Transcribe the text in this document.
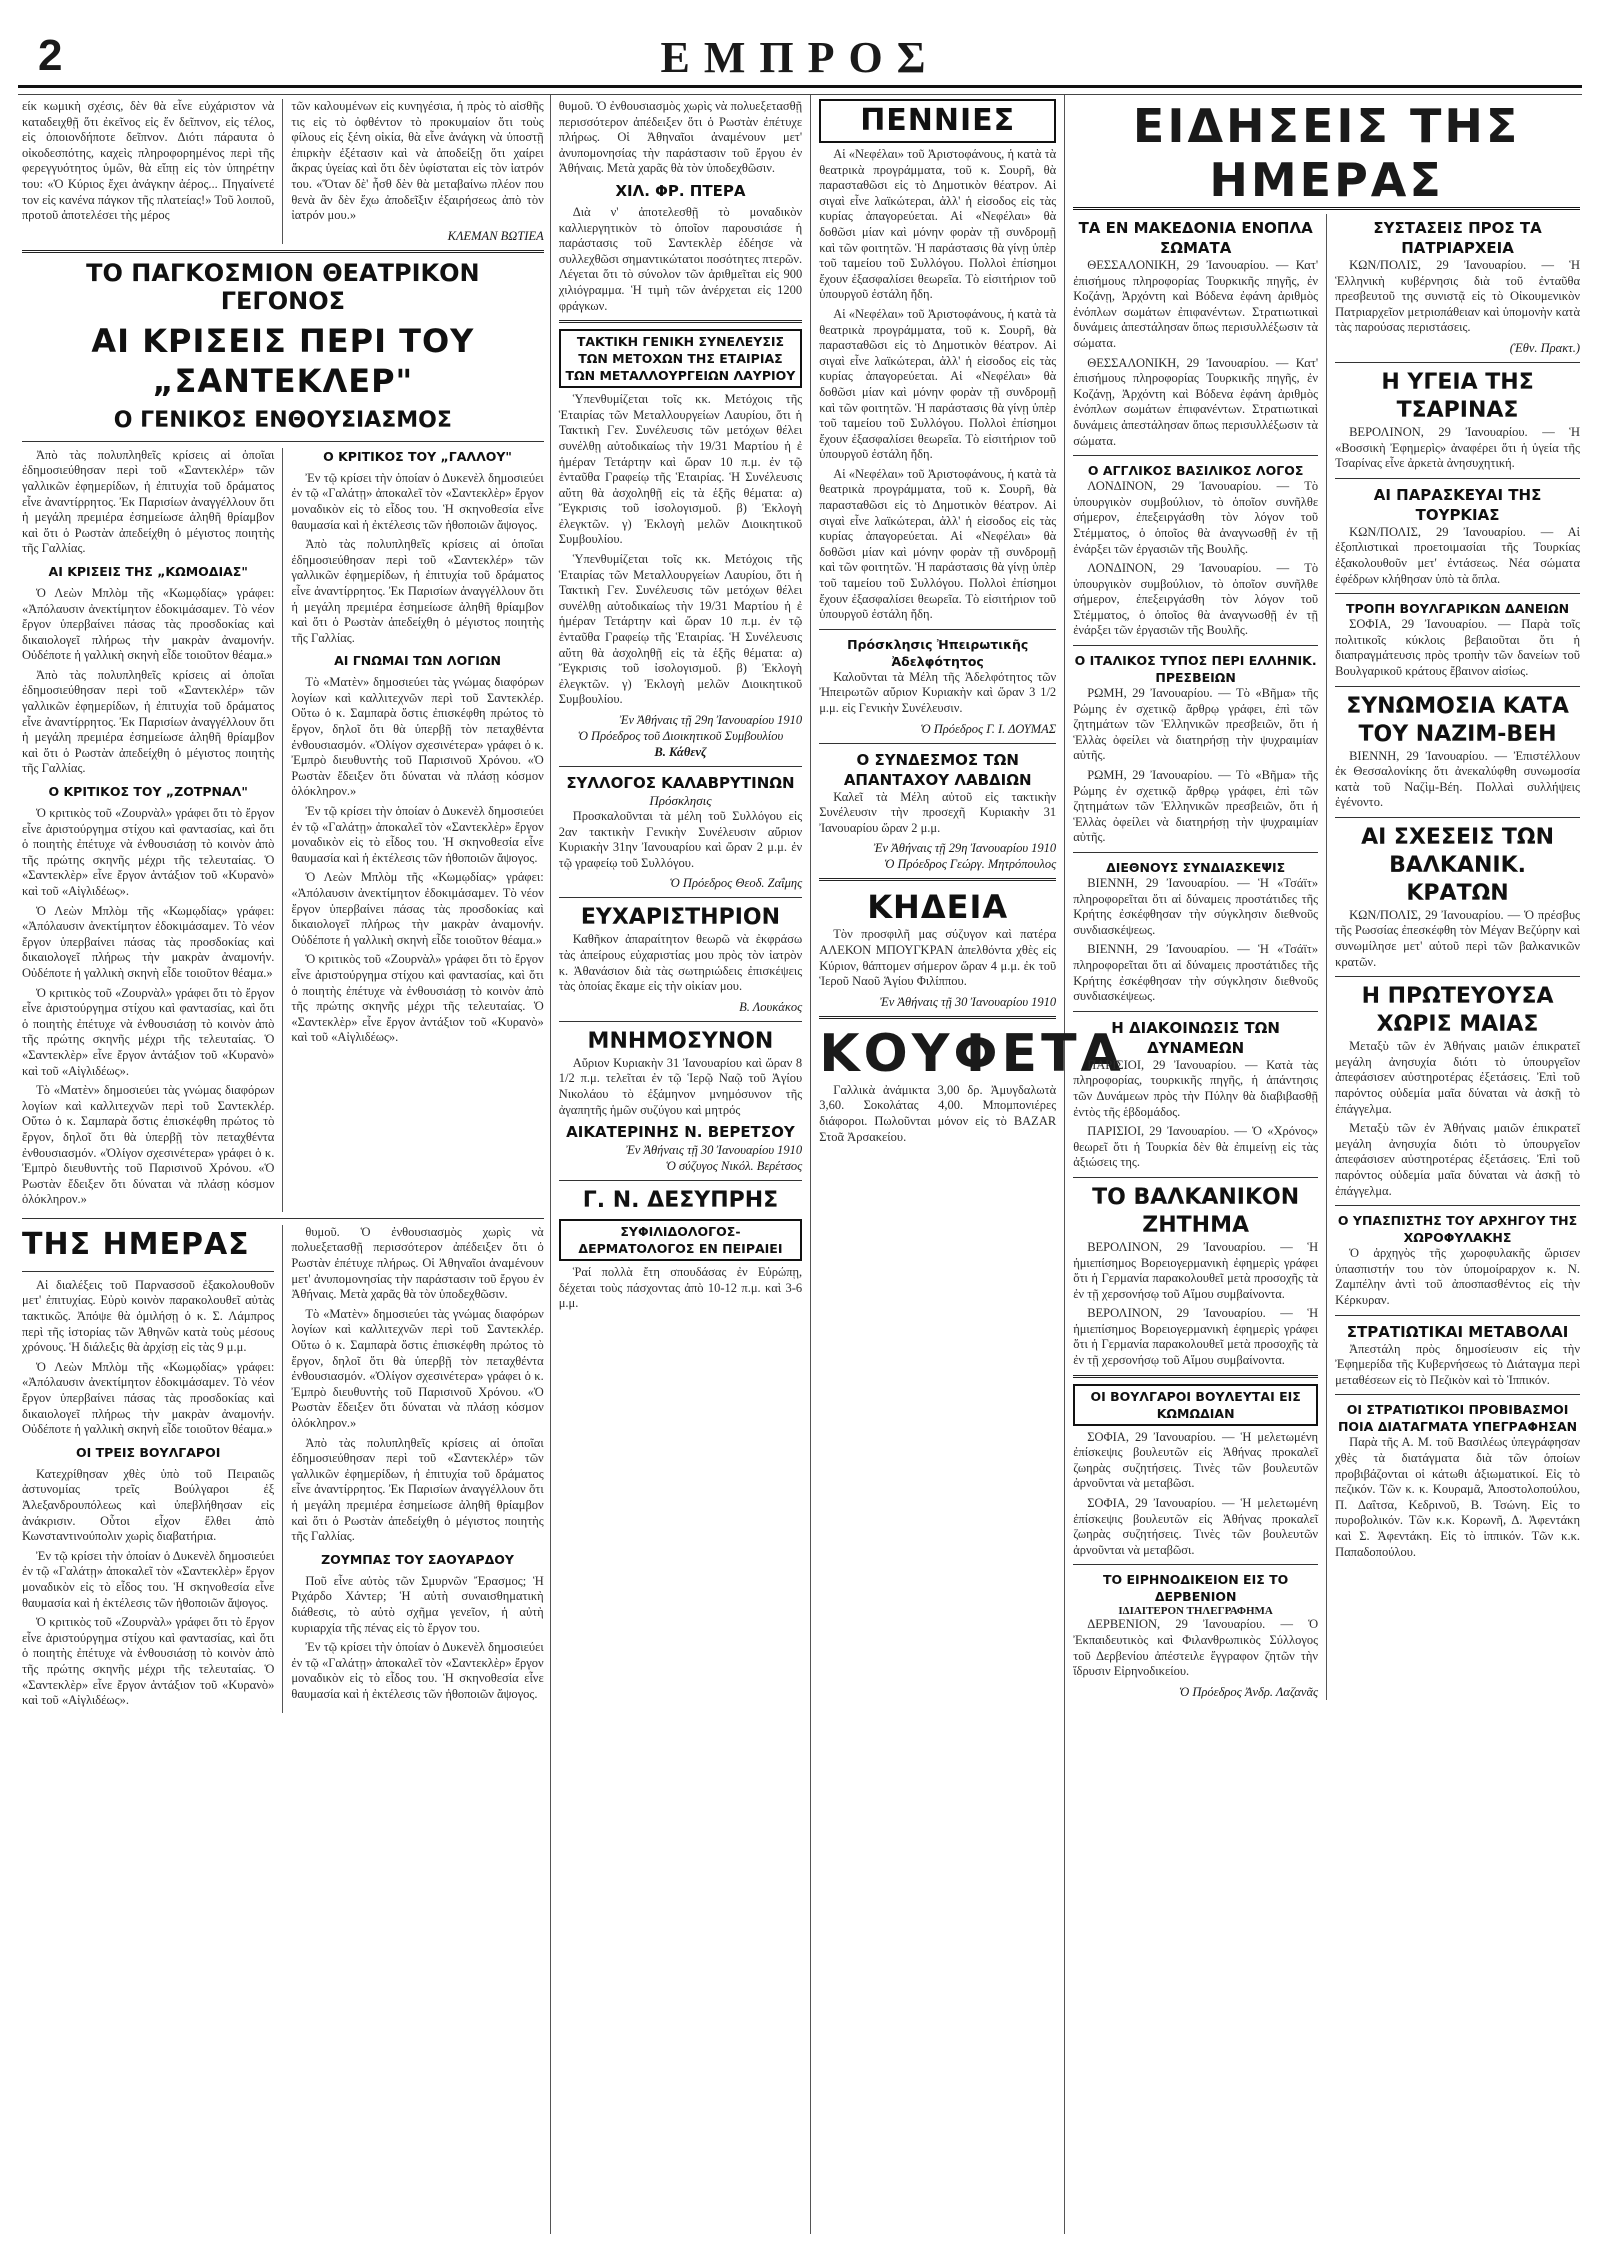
2	ΕΜΠΡΟΣ

είκ κωμικὴ σχέσις, δὲν θὰ εἶνε εὐχάριστον νὰ καταδειχθῇ ὅτι ἐκεῖνος εἰς ἕν δεῖπνον, εἰς τέλος, εἰς ὁποιονδήποτε δεῖπνον. Διότι πάραυτα ὁ οἰκοδεσπότης, καχεὶς πληροφορημένος περὶ τῆς φερεγγυότητος ὑμῶν, θὰ εἴπῃ εἰς τὸν ὑπηρέτην του: «Ὁ Κύριος ἔχει ἀνάγκην ἀέρος... Πηγαίνετέ τον εἰς κανένα πάγκον τῆς πλατείας!» Τοῦ λοιποῦ, προτοῦ ἀποτελέσει τὴς μέρος

τῶν καλουμένων εἰς κυνηγέσια, ἡ πρὸς τὸ αἰσθῆς τις εἰς τὸ ὀφθέντον τὸ προκυμαίον ὅτι τοὺς φίλους εἰς ξένη οἰκία, θὰ εἶνε ἀνάγκη νὰ ὑποστῇ ἐπιρκὴν ἐξέτασιν καὶ νὰ ἀποδείξῃ ὅτι χαίρει ἄκρας ὑγείας καὶ ὅτι δὲν ὑφίσταται εἰς τὸν ἰατρόν του. «Ὅταν δὲ' ἦσθ δὲν θὰ μεταβαίνω πλέον που θενὰ ἂν δὲν ἔχω ἀποδεῖξιν ἐξαιρήσεως ἀπὸ τὸν ἰατρόν μου.»

ΚΛΕΜΑΝ ΒΩΤΙΕΑ
ΤΟ ΠΑΓΚΟΣΜΙΟΝ ΘΕΑΤΡΙΚΟΝ ΓΕΓΟΝΟΣ
ΑΙ ΚΡΙΣΕΙΣ ΠΕΡΙ ΤΟΥ „ΣΑΝΤΕΚΛΕΡ"
Ο ΓΕΝΙΚΟΣ ΕΝΘΟΥΣΙΑΣΜΟΣ

Ἀπὸ τὰς πολυπληθεῖς κρίσεις αἱ ὁποῖαι ἐδημοσιεύθησαν περὶ τοῦ «Σαντεκλέρ» τῶν γαλλικῶν ἐφημερίδων, ἡ ἐπιτυχία τοῦ δράματος εἶνε ἀναντίρρητος. Ἐκ Παρισίων ἀναγγέλλουν ὅτι ἡ μεγάλη πρεμιέρα ἐσημείωσε ἀληθῆ θρίαμβον καὶ ὅτι ὁ Ρωστὰν ἀπεδείχθη ὁ μέγιστος ποιητὴς τῆς Γαλλίας.

ΑΙ ΚΡΙΣΕΙΣ ΤΗΣ „ΚΩΜΟΔΙΑΣ"

Ὁ Λεὼν Μπλὸμ τῆς «Κωμῳδίας» γράφει: «Ἀπόλαυσιν ἀνεκτίμητον ἐδοκιμάσαμεν. Τὸ νέον ἔργον ὑπερβαίνει πάσας τὰς προσδοκίας καὶ δικαιολογεῖ πλήρως τὴν μακρὰν ἀναμονήν. Οὐδέποτε ἡ γαλλικὴ σκηνὴ εἶδε τοιοῦτον θέαμα.»

Ἀπὸ τὰς πολυπληθεῖς κρίσεις αἱ ὁποῖαι ἐδημοσιεύθησαν περὶ τοῦ «Σαντεκλέρ» τῶν γαλλικῶν ἐφημερίδων, ἡ ἐπιτυχία τοῦ δράματος εἶνε ἀναντίρρητος. Ἐκ Παρισίων ἀναγγέλλουν ὅτι ἡ μεγάλη πρεμιέρα ἐσημείωσε ἀληθῆ θρίαμβον καὶ ὅτι ὁ Ρωστὰν ἀπεδείχθη ὁ μέγιστος ποιητὴς τῆς Γαλλίας.

Ο ΚΡΙΤΙΚΟΣ ΤΟΥ „ΖΟΤΡΝΑΛ"

Ὁ κριτικὸς τοῦ «Ζουρνὰλ» γράφει ὅτι τὸ ἔργον εἶνε ἀριστούργημα στίχου καὶ φαντασίας, καὶ ὅτι ὁ ποιητὴς ἐπέτυχε νὰ ἐνθουσιάσῃ τὸ κοινὸν ἀπὸ τῆς πρώτης σκηνῆς μέχρι τῆς τελευταίας. Ὁ «Σαντεκλὲρ» εἶνε ἔργον ἀντάξιον τοῦ «Κυρανὸ» καὶ τοῦ «Αἰγλιδέως».

Ὁ Λεὼν Μπλὸμ τῆς «Κωμῳδίας» γράφει: «Ἀπόλαυσιν ἀνεκτίμητον ἐδοκιμάσαμεν. Τὸ νέον ἔργον ὑπερβαίνει πάσας τὰς προσδοκίας καὶ δικαιολογεῖ πλήρως τὴν μακρὰν ἀναμονήν. Οὐδέποτε ἡ γαλλικὴ σκηνὴ εἶδε τοιοῦτον θέαμα.»

Ὁ κριτικὸς τοῦ «Ζουρνὰλ» γράφει ὅτι τὸ ἔργον εἶνε ἀριστούργημα στίχου καὶ φαντασίας, καὶ ὅτι ὁ ποιητὴς ἐπέτυχε νὰ ἐνθουσιάσῃ τὸ κοινὸν ἀπὸ τῆς πρώτης σκηνῆς μέχρι τῆς τελευταίας. Ὁ «Σαντεκλὲρ» εἶνε ἔργον ἀντάξιον τοῦ «Κυρανὸ» καὶ τοῦ «Αἰγλιδέως».

Τὸ «Ματὲν» δημοσιεύει τὰς γνώμας διαφόρων λογίων καὶ καλλιτεχνῶν περὶ τοῦ Σαντεκλέρ. Οὕτω ὁ κ. Σαμπαρὰ ὅστις ἐπισκέφθη πρώτος τὸ ἔργον, δηλοῖ ὅτι θὰ ὑπερβῇ τὸν πεταχθέντα ἐνθουσιασμόν. «Ὀλίγον σχεσινέτερα» γράφει ὁ κ. Ἐμπρὸ διευθυντὴς τοῦ Παρισινοῦ Χρόνου. «Ὁ Ρωστὰν ἔδειξεν ὅτι δύναται νὰ πλάσῃ κόσμον ὁλόκληρον.»

Ο ΚΡΙΤΙΚΟΣ ΤΟΥ „ΓΑΛΛΟΥ"

Ἐν τῷ κρίσει τὴν ὁποίαν ὁ Δυκενὲλ δημοσιεύει ἐν τῷ «Γαλάτῃ» ἀποκαλεῖ τὸν «Σαντεκλὲρ» ἔργον μοναδικὸν εἰς τὸ εἶδος του. Ἡ σκηνοθεσία εἶνε θαυμασία καὶ ἡ ἐκτέλεσις τῶν ἠθοποιῶν ἄψογος.

Ἀπὸ τὰς πολυπληθεῖς κρίσεις αἱ ὁποῖαι ἐδημοσιεύθησαν περὶ τοῦ «Σαντεκλέρ» τῶν γαλλικῶν ἐφημερίδων, ἡ ἐπιτυχία τοῦ δράματος εἶνε ἀναντίρρητος. Ἐκ Παρισίων ἀναγγέλλουν ὅτι ἡ μεγάλη πρεμιέρα ἐσημείωσε ἀληθῆ θρίαμβον καὶ ὅτι ὁ Ρωστὰν ἀπεδείχθη ὁ μέγιστος ποιητὴς τῆς Γαλλίας.

ΑΙ ΓΝΩΜΑΙ ΤΩΝ ΛΟΓΙΩΝ

Τὸ «Ματὲν» δημοσιεύει τὰς γνώμας διαφόρων λογίων καὶ καλλιτεχνῶν περὶ τοῦ Σαντεκλέρ. Οὕτω ὁ κ. Σαμπαρὰ ὅστις ἐπισκέφθη πρώτος τὸ ἔργον, δηλοῖ ὅτι θὰ ὑπερβῇ τὸν πεταχθέντα ἐνθουσιασμόν. «Ὀλίγον σχεσινέτερα» γράφει ὁ κ. Ἐμπρὸ διευθυντὴς τοῦ Παρισινοῦ Χρόνου. «Ὁ Ρωστὰν ἔδειξεν ὅτι δύναται νὰ πλάσῃ κόσμον ὁλόκληρον.»

Ἐν τῷ κρίσει τὴν ὁποίαν ὁ Δυκενὲλ δημοσιεύει ἐν τῷ «Γαλάτῃ» ἀποκαλεῖ τὸν «Σαντεκλὲρ» ἔργον μοναδικὸν εἰς τὸ εἶδος του. Ἡ σκηνοθεσία εἶνε θαυμασία καὶ ἡ ἐκτέλεσις τῶν ἠθοποιῶν ἄψογος.

Ὁ Λεὼν Μπλὸμ τῆς «Κωμῳδίας» γράφει: «Ἀπόλαυσιν ἀνεκτίμητον ἐδοκιμάσαμεν. Τὸ νέον ἔργον ὑπερβαίνει πάσας τὰς προσδοκίας καὶ δικαιολογεῖ πλήρως τὴν μακρὰν ἀναμονήν. Οὐδέποτε ἡ γαλλικὴ σκηνὴ εἶδε τοιοῦτον θέαμα.»

Ὁ κριτικὸς τοῦ «Ζουρνὰλ» γράφει ὅτι τὸ ἔργον εἶνε ἀριστούργημα στίχου καὶ φαντασίας, καὶ ὅτι ὁ ποιητὴς ἐπέτυχε νὰ ἐνθουσιάσῃ τὸ κοινὸν ἀπὸ τῆς πρώτης σκηνῆς μέχρι τῆς τελευταίας. Ὁ «Σαντεκλὲρ» εἶνε ἔργον ἀντάξιον τοῦ «Κυρανὸ» καὶ τοῦ «Αἰγλιδέως».

ΤΗΣ ΗΜΕΡΑΣ

Αἱ διαλέξεις τοῦ Παρνασσοῦ ἐξακολουθοῦν μετ' ἐπιτυχίας. Εὐρὺ κοινὸν παρακολουθεῖ αὐτὰς τακτικῶς. Ἀπόψε θὰ ὁμιλήσῃ ὁ κ. Σ. Λάμπρος περὶ τῆς ἱστορίας τῶν Ἀθηνῶν κατὰ τοὺς μέσους χρόνους. Ἡ διάλεξις θὰ ἀρχίσῃ εἰς τὰς 9 μ.μ.

Ὁ Λεὼν Μπλὸμ τῆς «Κωμῳδίας» γράφει: «Ἀπόλαυσιν ἀνεκτίμητον ἐδοκιμάσαμεν. Τὸ νέον ἔργον ὑπερβαίνει πάσας τὰς προσδοκίας καὶ δικαιολογεῖ πλήρως τὴν μακρὰν ἀναμονήν. Οὐδέποτε ἡ γαλλικὴ σκηνὴ εἶδε τοιοῦτον θέαμα.»

ΟΙ ΤΡΕΙΣ ΒΟΥΛΓΑΡΟΙ

Κατεχρίθησαν χθὲς ὑπὸ τοῦ Πειραιῶς ἀστυνομίας τρεῖς Βούλγαροι ἐξ Ἀλεξανδρουπόλεως καὶ ὑπεβλήθησαν εἰς ἀνάκρισιν. Οὗτοι εἶχον ἔλθει ἀπὸ Κωνσταντινούπολιν χωρὶς διαβατήρια.

Ἐν τῷ κρίσει τὴν ὁποίαν ὁ Δυκενὲλ δημοσιεύει ἐν τῷ «Γαλάτῃ» ἀποκαλεῖ τὸν «Σαντεκλὲρ» ἔργον μοναδικὸν εἰς τὸ εἶδος του. Ἡ σκηνοθεσία εἶνε θαυμασία καὶ ἡ ἐκτέλεσις τῶν ἠθοποιῶν ἄψογος.

Ὁ κριτικὸς τοῦ «Ζουρνὰλ» γράφει ὅτι τὸ ἔργον εἶνε ἀριστούργημα στίχου καὶ φαντασίας, καὶ ὅτι ὁ ποιητὴς ἐπέτυχε νὰ ἐνθουσιάσῃ τὸ κοινὸν ἀπὸ τῆς πρώτης σκηνῆς μέχρι τῆς τελευταίας. Ὁ «Σαντεκλὲρ» εἶνε ἔργον ἀντάξιον τοῦ «Κυρανὸ» καὶ τοῦ «Αἰγλιδέως».

θυμοῦ. Ὁ ἐνθουσιασμὸς χωρὶς νὰ πολυεξετασθῇ περισσότερον ἀπέδειξεν ὅτι ὁ Ρωστὰν ἐπέτυχε πλήρως. Οἱ Ἀθηναῖοι ἀναμένουν μετ' ἀνυπομονησίας τὴν παράστασιν τοῦ ἔργου ἐν Ἀθήναις. Μετὰ χαρᾶς θὰ τὸν ὑποδεχθῶσιν.

Τὸ «Ματὲν» δημοσιεύει τὰς γνώμας διαφόρων λογίων καὶ καλλιτεχνῶν περὶ τοῦ Σαντεκλέρ. Οὕτω ὁ κ. Σαμπαρὰ ὅστις ἐπισκέφθη πρώτος τὸ ἔργον, δηλοῖ ὅτι θὰ ὑπερβῇ τὸν πεταχθέντα ἐνθουσιασμόν. «Ὀλίγον σχεσινέτερα» γράφει ὁ κ. Ἐμπρὸ διευθυντὴς τοῦ Παρισινοῦ Χρόνου. «Ὁ Ρωστὰν ἔδειξεν ὅτι δύναται νὰ πλάσῃ κόσμον ὁλόκληρον.»

Ἀπὸ τὰς πολυπληθεῖς κρίσεις αἱ ὁποῖαι ἐδημοσιεύθησαν περὶ τοῦ «Σαντεκλέρ» τῶν γαλλικῶν ἐφημερίδων, ἡ ἐπιτυχία τοῦ δράματος εἶνε ἀναντίρρητος. Ἐκ Παρισίων ἀναγγέλλουν ὅτι ἡ μεγάλη πρεμιέρα ἐσημείωσε ἀληθῆ θρίαμβον καὶ ὅτι ὁ Ρωστὰν ἀπεδείχθη ὁ μέγιστος ποιητὴς τῆς Γαλλίας.

ΖΟΥΜΠΑΣ ΤΟΥ ΣΑΟΥΑΡΔΟΥ

Ποῦ εἶνε αὐτὸς τῶν Σμυρνῶν Ἔρασμος; Ἡ Ριχάρδο Χάντερ; Ἡ αὐτὴ συναισθηματικὴ διάθεσις, τὸ αὐτὸ σχῆμα γενεῖον, ἡ αὐτὴ κυριαρχία τῆς πένας εἰς τὸ ἔργον του.

Ἐν τῷ κρίσει τὴν ὁποίαν ὁ Δυκενὲλ δημοσιεύει ἐν τῷ «Γαλάτῃ» ἀποκαλεῖ τὸν «Σαντεκλὲρ» ἔργον μοναδικὸν εἰς τὸ εἶδος του. Ἡ σκηνοθεσία εἶνε θαυμασία καὶ ἡ ἐκτέλεσις τῶν ἠθοποιῶν ἄψογος.

θυμοῦ. Ὁ ἐνθουσιασμὸς χωρὶς νὰ πολυεξετασθῇ περισσότερον ἀπέδειξεν ὅτι ὁ Ρωστὰν ἐπέτυχε πλήρως. Οἱ Ἀθηναῖοι ἀναμένουν μετ' ἀνυπομονησίας τὴν παράστασιν τοῦ ἔργου ἐν Ἀθήναις. Μετὰ χαρᾶς θὰ τὸν ὑποδεχθῶσιν.

ΧΙΛ. ΦΡ. ΠΤΕΡΑ

Διὰ ν' ἀποτελεσθῇ τὸ μοναδικὸν καλλιεργητικὸν τὸ ὁποῖον παρουσιάσε ἡ παράστασις τοῦ Σαντεκλὲρ ἐδέησε νὰ συλλεχθῶσι σημαντικώτατοι ποσότητες πτερῶν. Λέγεται ὅτι τὸ σύνολον τῶν ἀριθμεῖται εἰς 900 χιλιόγραμμα. Ἡ τιμὴ τῶν ἀνέρχεται εἰς 1200 φράγκων.

ΤΑΚΤΙΚΗ ΓΕΝΙΚΗ ΣΥΝΕΛΕΥΣΙΣ ΤΩΝ ΜΕΤΟΧΩΝ ΤΗΣ ΕΤΑΙΡΙΑΣ ΤΩΝ ΜΕΤΑΛΛΟΥΡΓΕΙΩΝ ΛΑΥΡΙΟΥ

Ὑπενθυμίζεται τοῖς κκ. Μετόχοις τῆς Ἑταιρίας τῶν Μεταλλουργείων Λαυρίου, ὅτι ἡ Τακτικὴ Γεν. Συνέλευσις τῶν μετόχων θέλει συνέλθῃ αὐτοδικαίως τὴν 19/31 Μαρτίου ἡ ἐ ἡμέραν Τετάρτην καὶ ὥραν 10 π.μ. ἐν τῷ ἐνταῦθα Γραφείῳ τῆς Ἑταιρίας. Ἡ Συνέλευσις αὕτη θὰ ἀσχοληθῇ εἰς τὰ ἑξῆς θέματα: α) Ἔγκρισις τοῦ ἰσολογισμοῦ. β) Ἐκλογὴ ἐλεγκτῶν. γ) Ἐκλογὴ μελῶν Διοικητικοῦ Συμβουλίου.

Ὑπενθυμίζεται τοῖς κκ. Μετόχοις τῆς Ἑταιρίας τῶν Μεταλλουργείων Λαυρίου, ὅτι ἡ Τακτικὴ Γεν. Συνέλευσις τῶν μετόχων θέλει συνέλθῃ αὐτοδικαίως τὴν 19/31 Μαρτίου ἡ ἐ ἡμέραν Τετάρτην καὶ ὥραν 10 π.μ. ἐν τῷ ἐνταῦθα Γραφείῳ τῆς Ἑταιρίας. Ἡ Συνέλευσις αὕτη θὰ ἀσχοληθῇ εἰς τὰ ἑξῆς θέματα: α) Ἔγκρισις τοῦ ἰσολογισμοῦ. β) Ἐκλογὴ ἐλεγκτῶν. γ) Ἐκλογὴ μελῶν Διοικητικοῦ Συμβουλίου.

Ἐν Ἀθήναις τῇ 29η Ἰανουαρίου 1910
Ὁ Πρόεδρος τοῦ Διοικητικοῦ Συμβουλίου
Β. Κάθενζ
ΣΥΛΛΟΓΟΣ ΚΑΛΑΒΡΥΤΙΝΩΝ
Πρόσκλησις

Προσκαλοῦνται τὰ μέλη τοῦ Συλλόγου εἰς 2αν τακτικὴν Γενικὴν Συνέλευσιν αὔριον Κυριακὴν 31ην Ἰανουαρίου καὶ ὥραν 2 μ.μ. ἐν τῷ γραφείῳ τοῦ Συλλόγου.

Ὁ Πρόεδρος Θεοδ. Ζαΐμης
ΕΥΧΑΡΙΣΤΗΡΙΟΝ

Καθῆκον ἀπαραίτητον θεωρῶ νὰ ἐκφράσω τὰς ἀπείρους εὐχαριστίας μου πρὸς τὸν ἰατρὸν κ. Ἀθανάσιον διὰ τὰς σωτηριώδεις ἐπισκέψεις τὰς ὁποίας ἔκαμε εἰς τὴν οἰκίαν μου.

Β. Λουκάκος
ΜΝΗΜΟΣΥΝΟΝ

Αὔριον Κυριακὴν 31 Ἰανουαρίου καὶ ὥραν 8 1/2 π.μ. τελεῖται ἐν τῷ Ἱερῷ Ναῷ τοῦ Ἁγίου Νικολάου τὸ ἐξάμηνον μνημόσυνον τῆς ἀγαπητῆς ἡμῶν συζύγου καὶ μητρός

ΑΙΚΑΤΕΡΙΝΗΣ Ν. ΒΕΡΕΤΣΟΥ
Ἐν Ἀθήναις τῇ 30 Ἰανουαρίου 1910
Ὁ σύζυγος Νικόλ. Βερέτσος
Γ. Ν. ΔΕΣΥΠΡΗΣ
ΣΥΦΙΛΙΔΟΛΟΓΟΣ-ΔΕΡΜΑΤΟΛΟΓΟΣ ΕΝ ΠΕΙΡΑΙΕΙ

Ῥαί πολλὰ ἔτη σπουδάσας ἐν Εὐρώπῃ, δέχεται τοὺς πάσχοντας ἀπὸ 10-12 π.μ. καὶ 3-6 μ.μ.

ΠΕΝΝΙΕΣ

Αἱ «Νεφέλαι» τοῦ Ἀριστοφάνους, ἡ κατὰ τὰ θεατρικὰ προγράμματα, τοῦ κ. Σουρῆ, θὰ παρασταθῶσι εἰς τὸ Δημοτικὸν θέατρον. Αἱ σιγαὶ εἶνε λαϊκώτεραι, ἀλλ' ἡ εἰσοδος εἰς τὰς κυρίας ἀπαγορεύεται. Αἱ «Νεφέλαι» θὰ δοθῶσι μίαν καὶ μόνην φορὰν τῇ συνδρομῇ καὶ τῶν φοιτητῶν. Ἡ παράστασις θὰ γίνῃ ὑπὲρ τοῦ ταμείου τοῦ Συλλόγου. Πολλοὶ ἐπίσημοι ἔχουν ἐξασφαλίσει θεωρεῖα. Τὸ εἰσιτήριον τοῦ ὑπουργοῦ ἐστάλη ἤδη.

Αἱ «Νεφέλαι» τοῦ Ἀριστοφάνους, ἡ κατὰ τὰ θεατρικὰ προγράμματα, τοῦ κ. Σουρῆ, θὰ παρασταθῶσι εἰς τὸ Δημοτικὸν θέατρον. Αἱ σιγαὶ εἶνε λαϊκώτεραι, ἀλλ' ἡ εἰσοδος εἰς τὰς κυρίας ἀπαγορεύεται. Αἱ «Νεφέλαι» θὰ δοθῶσι μίαν καὶ μόνην φορὰν τῇ συνδρομῇ καὶ τῶν φοιτητῶν. Ἡ παράστασις θὰ γίνῃ ὑπὲρ τοῦ ταμείου τοῦ Συλλόγου. Πολλοὶ ἐπίσημοι ἔχουν ἐξασφαλίσει θεωρεῖα. Τὸ εἰσιτήριον τοῦ ὑπουργοῦ ἐστάλη ἤδη.

Αἱ «Νεφέλαι» τοῦ Ἀριστοφάνους, ἡ κατὰ τὰ θεατρικὰ προγράμματα, τοῦ κ. Σουρῆ, θὰ παρασταθῶσι εἰς τὸ Δημοτικὸν θέατρον. Αἱ σιγαὶ εἶνε λαϊκώτεραι, ἀλλ' ἡ εἰσοδος εἰς τὰς κυρίας ἀπαγορεύεται. Αἱ «Νεφέλαι» θὰ δοθῶσι μίαν καὶ μόνην φορὰν τῇ συνδρομῇ καὶ τῶν φοιτητῶν. Ἡ παράστασις θὰ γίνῃ ὑπὲρ τοῦ ταμείου τοῦ Συλλόγου. Πολλοὶ ἐπίσημοι ἔχουν ἐξασφαλίσει θεωρεῖα. Τὸ εἰσιτήριον τοῦ ὑπουργοῦ ἐστάλη ἤδη.

Πρόσκλησις Ἠπειρωτικῆς Ἀδελφότητος

Καλοῦνται τὰ Μέλη τῆς Ἀδελφότητος τῶν Ἠπειρωτῶν αὔριον Κυριακὴν καὶ ὥραν 3 1/2 μ.μ. εἰς Γενικὴν Συνέλευσιν.

Ὁ Πρόεδρος Γ. Ι. ΔΟΥΜΑΣ
Ο ΣΥΝΔΕΣΜΟΣ ΤΩΝ ΑΠΑΝΤΑΧΟΥ ΛΑΒΔΙΩΝ

Καλεῖ τὰ Μέλη αὐτοῦ εἰς τακτικὴν Συνέλευσιν τὴν προσεχῆ Κυριακὴν 31 Ἰανουαρίου ὥραν 2 μ.μ.

Ἐν Ἀθήναις τῇ 29η Ἰανουαρίου 1910
Ὁ Πρόεδρος Γεώργ. Μητρόπουλος
ΚΗΔΕΙΑ

Τὸν προσφιλῆ μας σύζυγον καὶ πατέρα ΑΛΕΚΟΝ ΜΠΟΥΓΚΡΑΝ ἀπελθόντα χθὲς εἰς Κύριον, θάπτομεν σήμερον ὥραν 4 μ.μ. ἐκ τοῦ Ἱεροῦ Ναοῦ Ἁγίου Φιλίππου.

Ἐν Ἀθήναις τῇ 30 Ἰανουαρίου 1910
ΚΟΥΦΕΤΑ

Γαλλικὰ ἀνάμικτα 3,00 δρ. Ἀμυγδαλωτὰ 3,60. Σοκολάτας 4,00. Μπομπονιέρες διάφοροι. Πωλοῦνται μόνον εἰς τὸ BAZAR Στοᾶ Ἀρσακείου.

ΕΙΔΗΣΕΙΣ ΤΗΣ ΗΜΕΡΑΣ
ΤΑ ΕΝ ΜΑΚΕΔΟΝΙΑ ΕΝΟΠΛΑ ΣΩΜΑΤΑ

ΘΕΣΣΑΛΟΝΙΚΗ, 29 Ἰανουαρίου. — Κατ' ἐπισήμους πληροφορίας Τουρκικῆς πηγῆς, ἐν Κοζάνῃ, Ἀρχόντη καὶ Βόδενα ἐφάνη ἀριθμὸς ἐνόπλων σωμάτων ἐπιφανέντων. Στρατιωτικαὶ δυνάμεις ἀπεστάλησαν ὅπως περισυλλέξωσιν τὰ σώματα.

ΘΕΣΣΑΛΟΝΙΚΗ, 29 Ἰανουαρίου. — Κατ' ἐπισήμους πληροφορίας Τουρκικῆς πηγῆς, ἐν Κοζάνῃ, Ἀρχόντη καὶ Βόδενα ἐφάνη ἀριθμὸς ἐνόπλων σωμάτων ἐπιφανέντων. Στρατιωτικαὶ δυνάμεις ἀπεστάλησαν ὅπως περισυλλέξωσιν τὰ σώματα.

Ο ΑΓΓΛΙΚΟΣ ΒΑΣΙΛΙΚΟΣ ΛΟΓΟΣ

ΛΟΝΔΙΝΟΝ, 29 Ἰανουαρίου. — Τὸ ὑπουργικὸν συμβούλιον, τὸ ὁποῖον συνῆλθε σήμερον, ἐπεξειργάσθη τὸν λόγον τοῦ Στέμματος, ὁ ὁποῖος θὰ ἀναγνωσθῇ ἐν τῇ ἐνάρξει τῶν ἐργασιῶν τῆς Βουλῆς.

ΛΟΝΔΙΝΟΝ, 29 Ἰανουαρίου. — Τὸ ὑπουργικὸν συμβούλιον, τὸ ὁποῖον συνῆλθε σήμερον, ἐπεξειργάσθη τὸν λόγον τοῦ Στέμματος, ὁ ὁποῖος θὰ ἀναγνωσθῇ ἐν τῇ ἐνάρξει τῶν ἐργασιῶν τῆς Βουλῆς.

Ο ΙΤΑΛΙΚΟΣ ΤΥΠΟΣ ΠΕΡΙ ΕΛΛΗΝΙΚ. ΠΡΕΣΒΕΙΩΝ

ΡΩΜΗ, 29 Ἰανουαρίου. — Τὸ «Βῆμα» τῆς Ρώμης ἐν σχετικῷ ἄρθρῳ γράφει, ἐπὶ τῶν ζητημάτων τῶν Ἑλληνικῶν πρεσβειῶν, ὅτι ἡ Ἑλλὰς ὀφείλει νὰ διατηρήσῃ τὴν ψυχραιμίαν αὐτῆς.

ΡΩΜΗ, 29 Ἰανουαρίου. — Τὸ «Βῆμα» τῆς Ρώμης ἐν σχετικῷ ἄρθρῳ γράφει, ἐπὶ τῶν ζητημάτων τῶν Ἑλληνικῶν πρεσβειῶν, ὅτι ἡ Ἑλλὰς ὀφείλει νὰ διατηρήσῃ τὴν ψυχραιμίαν αὐτῆς.

ΔΙΕΘΝΟΥΣ ΣΥΝΔΙΑΣΚΕΨΙΣ

ΒΙΕΝΝΗ, 29 Ἰανουαρίου. — Ἡ «Τσάϊτ» πληροφορεῖται ὅτι αἱ δύναμεις προστάτιδες τῆς Κρήτης ἐσκέφθησαν τὴν σύγκλησιν διεθνοῦς συνδιασκέψεως.

ΒΙΕΝΝΗ, 29 Ἰανουαρίου. — Ἡ «Τσάϊτ» πληροφορεῖται ὅτι αἱ δύναμεις προστάτιδες τῆς Κρήτης ἐσκέφθησαν τὴν σύγκλησιν διεθνοῦς συνδιασκέψεως.

Η ΔΙΑΚΟΙΝΩΣΙΣ ΤΩΝ ΔΥΝΑΜΕΩΝ

ΠΑΡΙΣΙΟΙ, 29 Ἰανουαρίου. — Κατὰ τὰς πληροφορίας, τουρκικῆς πηγῆς, ἡ ἀπάντησις τῶν Δυνάμεων πρὸς τὴν Πύλην θὰ διαβιβασθῇ ἐντὸς τῆς ἑβδομάδος.

ΠΑΡΙΣΙΟΙ, 29 Ἰανουαρίου. — Ὁ «Χρόνος» θεωρεῖ ὅτι ἡ Τουρκία δὲν θὰ ἐπιμείνῃ εἰς τὰς ἀξιώσεις της.

ΤΟ ΒΑΛΚΑΝΙΚΟΝ ΖΗΤΗΜΑ

ΒΕΡΟΛΙΝΟΝ, 29 Ἰανουαρίου. — Ἡ ἡμιεπίσημος Βορειογερμανικὴ ἐφημερὶς γράφει ὅτι ἡ Γερμανία παρακολουθεῖ μετὰ προσοχῆς τὰ ἐν τῇ χερσονήσῳ τοῦ Αἵμου συμβαίνοντα.

ΒΕΡΟΛΙΝΟΝ, 29 Ἰανουαρίου. — Ἡ ἡμιεπίσημος Βορειογερμανικὴ ἐφημερὶς γράφει ὅτι ἡ Γερμανία παρακολουθεῖ μετὰ προσοχῆς τὰ ἐν τῇ χερσονήσῳ τοῦ Αἵμου συμβαίνοντα.

ΟΙ ΒΟΥΛΓΑΡΟΙ ΒΟΥΛΕΥΤΑΙ ΕΙΣ ΚΩΜΩΔΙΑΝ

ΣΟΦΙΑ, 29 Ἰανουαρίου. — Ἡ μελετωμένη ἐπίσκεψις βουλευτῶν εἰς Ἀθήνας προκαλεῖ ζωηρὰς συζητήσεις. Τινὲς τῶν βουλευτῶν ἀρνοῦνται νὰ μεταβῶσι.

ΣΟΦΙΑ, 29 Ἰανουαρίου. — Ἡ μελετωμένη ἐπίσκεψις βουλευτῶν εἰς Ἀθήνας προκαλεῖ ζωηρὰς συζητήσεις. Τινὲς τῶν βουλευτῶν ἀρνοῦνται νὰ μεταβῶσι.

ΤΟ ΕΙΡΗΝΟΔΙΚΕΙΟΝ ΕΙΣ ΤΟ ΔΕΡΒΕΝΙΟΝ
ΙΔΙΑΙΤΕΡΟΝ ΤΗΛΕΓΡΑΦΗΜΑ

ΔΕΡΒΕΝΙΟΝ, 29 Ἰανουαρίου. — Ὁ Ἐκπαιδευτικὸς καὶ Φιλανθρωπικὸς Σύλλογος τοῦ Δερβενίου ἀπέστειλε ἔγγραφον ζητῶν τὴν ἵδρυσιν Εἰρηνοδικείου.

Ὁ Πρόεδρος Ἀνδρ. Λαζανᾶς
ΣΥΣΤΑΣΕΙΣ ΠΡΟΣ ΤΑ ΠΑΤΡΙΑΡΧΕΙΑ

ΚΩΝ/ΠΟΛΙΣ, 29 Ἰανουαρίου. — Ἡ Ἑλληνικὴ κυβέρνησις διὰ τοῦ ἐνταῦθα πρεσβευτοῦ της συνιστᾷ εἰς τὸ Οἰκουμενικὸν Πατριαρχεῖον μετριοπάθειαν καὶ ὑπομονὴν κατὰ τὰς παρούσας περιστάσεις.

(Ἐθν. Πρακτ.)
Η ΥΓΕΙΑ ΤΗΣ ΤΣΑΡΙΝΑΣ

ΒΕΡΟΛΙΝΟΝ, 29 Ἰανουαρίου. — Ἡ «Βοσσικὴ Ἐφημερὶς» ἀναφέρει ὅτι ἡ ὑγεία τῆς Τσαρίνας εἶνε ἀρκετὰ ἀνησυχητική.

ΑΙ ΠΑΡΑΣΚΕΥΑΙ ΤΗΣ ΤΟΥΡΚΙΑΣ

ΚΩΝ/ΠΟΛΙΣ, 29 Ἰανουαρίου. — Αἱ ἐξοπλιστικαὶ προετοιμασίαι τῆς Τουρκίας ἐξακολουθοῦν μετ' ἐντάσεως. Νέα σώματα ἐφέδρων κλήθησαν ὑπὸ τὰ ὅπλα.

ΤΡΟΠΗ ΒΟΥΛΓΑΡΙΚΩΝ ΔΑΝΕΙΩΝ

ΣΟΦΙΑ, 29 Ἰανουαρίου. — Παρὰ τοῖς πολιτικοῖς κύκλοις βεβαιοῦται ὅτι ἡ διαπραγμάτευσις πρὸς τροπὴν τῶν δανείων τοῦ Βουλγαρικοῦ κράτους ἔβαινον αἰσίως.

ΣΥΝΩΜΟΣΙΑ ΚΑΤΑ ΤΟΥ ΝΑΖΙΜ-ΒΕΗ

ΒΙΕΝΝΗ, 29 Ἰανουαρίου. — Ἐπιστέλλουν ἐκ Θεσσαλονίκης ὅτι ἀνεκαλύφθη συνωμοσία κατὰ τοῦ Ναζὶμ-Βέη. Πολλαὶ συλλήψεις ἐγένοντο.

ΑΙ ΣΧΕΣΕΙΣ ΤΩΝ ΒΑΛΚΑΝΙΚ. ΚΡΑΤΩΝ

ΚΩΝ/ΠΟΛΙΣ, 29 Ἰανουαρίου. — Ὁ πρέσβυς τῆς Ρωσσίας ἐπεσκέφθη τὸν Μέγαν Βεζύρην καὶ συνωμίλησε μετ' αὐτοῦ περὶ τῶν βαλκανικῶν κρατῶν.

Η ΠΡΩΤΕΥΟΥΣΑ ΧΩΡΙΣ ΜΑΙΑΣ

Μεταξὺ τῶν ἐν Ἀθήναις μαιῶν ἐπικρατεῖ μεγάλη ἀνησυχία διότι τὸ ὑπουργεῖον ἀπεφάσισεν αὐστηροτέρας ἐξετάσεις. Ἐπὶ τοῦ παρόντος οὐδεμία μαῖα δύναται νὰ ἀσκῇ τὸ ἐπάγγελμα.

Μεταξὺ τῶν ἐν Ἀθήναις μαιῶν ἐπικρατεῖ μεγάλη ἀνησυχία διότι τὸ ὑπουργεῖον ἀπεφάσισεν αὐστηροτέρας ἐξετάσεις. Ἐπὶ τοῦ παρόντος οὐδεμία μαῖα δύναται νὰ ἀσκῇ τὸ ἐπάγγελμα.

Ο ΥΠΑΣΠΙΣΤΗΣ ΤΟΥ ΑΡΧΗΓΟΥ ΤΗΣ ΧΩΡΟΦΥΛΑΚΗΣ

Ὁ ἀρχηγὸς τῆς χωροφυλακῆς ὥρισεν ὑπασπιστήν του τὸν ὑπομοίραρχον κ. Ν. Ζαμπέλην ἀντὶ τοῦ ἀποσπασθέντος εἰς τὴν Κέρκυραν.

ΣΤΡΑΤΙΩΤΙΚΑΙ ΜΕΤΑΒΟΛΑΙ

Ἀπεστάλη πρὸς δημοσίευσιν εἰς τὴν Ἐφημερίδα τῆς Κυβερνήσεως τὸ Διάταγμα περὶ μεταθέσεων εἰς τὸ Πεζικὸν καὶ τὸ Ἱππικόν.

ΟΙ ΣΤΡΑΤΙΩΤΙΚΟΙ ΠΡΟΒΙΒΑΣΜΟΙ
ΠΟΙΑ ΔΙΑΤΑΓΜΑΤΑ ΥΠΕΓΡΑΦΗΣΑΝ

Παρὰ τῆς Α. Μ. τοῦ Βασιλέως ὑπεγράφησαν χθὲς τὰ διατάγματα διὰ τῶν ὁποίων προβιβάζονται οἱ κάτωθι ἀξιωματικοί. Εἰς τὸ πεζικόν. Τῶν κ. κ. Κουραμᾶ, Ἀποστολοπούλου, Π. Δαΐτσα, Κεδρινοῦ, Β. Τσώνη. Εἰς το πυροβολικόν. Τῶν κ.κ. Κορωνῆ, Δ. Ἀφεντάκη καὶ Σ. Ἀφεντάκη. Εἰς τὸ ἱππικόν. Τῶν κ.κ. Παπαδοπούλου.
